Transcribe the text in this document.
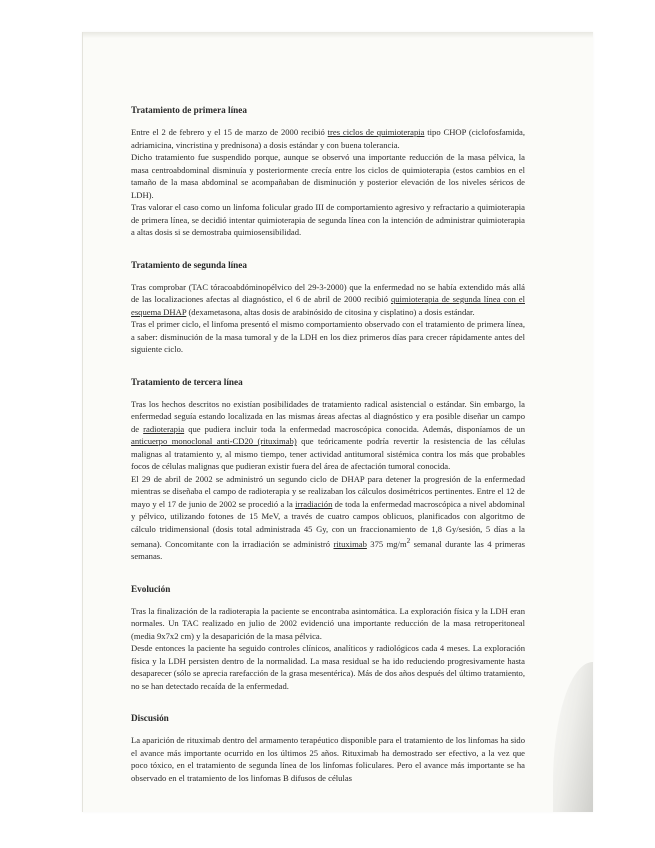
Tratamiento de primera línea

Entre el 2 de febrero y el 15 de marzo de 2000 recibió tres ciclos de quimioterapia tipo CHOP (ciclofosfamida, adriamicina, vincristina y prednisona) a dosis estándar y con buena tolerancia.

Dicho tratamiento fue suspendido porque, aunque se observó una importante reducción de la masa pélvica, la masa centroabdominal disminuía y posteriormente crecía entre los ciclos de quimioterapia (estos cambios en el tamaño de la masa abdominal se acompañaban de disminución y posterior elevación de los niveles séricos de LDH).

Tras valorar el caso como un linfoma folicular grado III de comportamiento agresivo y refractario a quimioterapia de primera línea, se decidió intentar quimioterapia de segunda línea con la intención de administrar quimioterapia a altas dosis si se demostraba quimiosensibilidad.

Tratamiento de segunda línea

Tras comprobar (TAC tóracoabdóminopélvico del 29-3-2000) que la enfermedad no se había extendido más allá de las localizaciones afectas al diagnóstico, el 6 de abril de 2000 recibió quimioterapia de segunda línea con el esquema DHAP (dexametasona, altas dosis de arabinósido de citosina y cisplatino) a dosis estándar.

Tras el primer ciclo, el linfoma presentó el mismo comportamiento observado con el tratamiento de primera línea, a saber: disminución de la masa tumoral y de la LDH en los diez primeros días para crecer rápidamente antes del siguiente ciclo.

Tratamiento de tercera línea

Tras los hechos descritos no existían posibilidades de tratamiento radical asistencial o estándar. Sin embargo, la enfermedad seguía estando localizada en las mismas áreas afectas al diagnóstico y era posible diseñar un campo de radioterapia que pudiera incluir toda la enfermedad macroscópica conocida. Además, disponíamos de un anticuerpo monoclonal anti-CD20 (rituximab) que teóricamente podría revertir la resistencia de las células malignas al tratamiento y, al mismo tiempo, tener actividad antitumoral sistémica contra los más que probables focos de células malignas que pudieran existir fuera del área de afectación tumoral conocida.

El 29 de abril de 2002 se administró un segundo ciclo de DHAP para detener la progresión de la enfermedad mientras se diseñaba el campo de radioterapia y se realizaban los cálculos dosimétricos pertinentes. Entre el 12 de mayo y el 17 de junio de 2002 se procedió a la irradiación de toda la enfermedad macroscópica a nivel abdominal y pélvico, utilizando fotones de 15 MeV, a través de cuatro campos oblicuos, planificados con algoritmo de cálculo tridimensional (dosis total administrada 45 Gy, con un fraccionamiento de 1,8 Gy/sesión, 5 días a la semana). Concomitante con la irradiación se administró rituximab 375 $mg/m^2$ semanal durante las 4 primeras semanas.

Evolución

Tras la finalización de la radioterapia la paciente se encontraba asintomática. La exploración física y la LDH eran normales. Un TAC realizado en julio de 2002 evidenció una importante reducción de la masa retroperitoneal (media 9x7x2 cm) y la desaparición de la masa pélvica.

Desde entonces la paciente ha seguido controles clínicos, analíticos y radiológicos cada 4 meses. La exploración física y la LDH persisten dentro de la normalidad. La masa residual se ha ido reduciendo progresivamente hasta desaparecer (sólo se aprecia rarefacción de la grasa mesentérica). Más de dos años después del último tratamiento, no se han detectado recaída de la enfermedad.

Discusión

La aparición de rituximab dentro del armamento terapéutico disponible para el tratamiento de los linfomas ha sido el avance más importante ocurrido en los últimos 25 años. Rituximab ha demostrado ser efectivo, a la vez que poco tóxico, en el tratamiento de segunda línea de los linfomas foliculares. Pero el avance más importante se ha observado en el tratamiento de los linfomas B difusos de células
